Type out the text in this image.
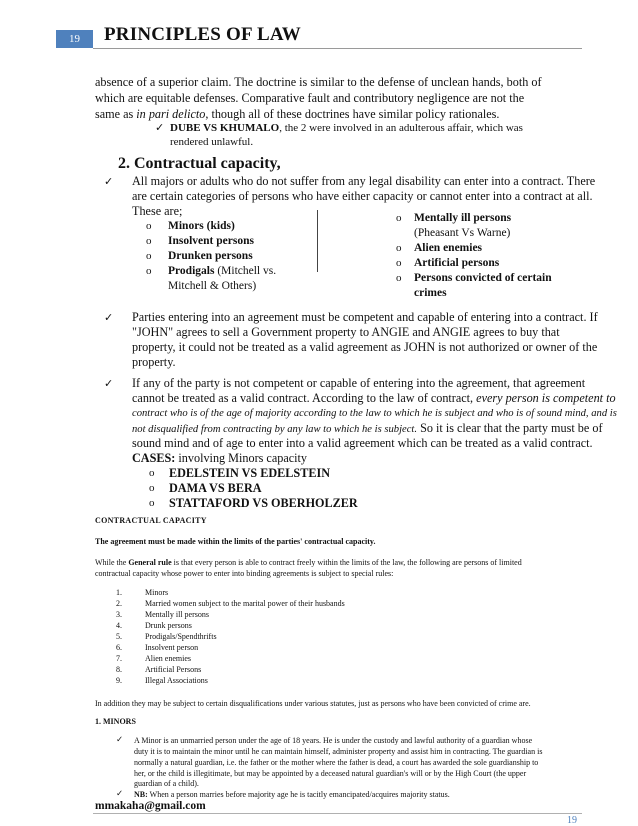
19	PRINCIPLES OF LAW
absence of a superior claim. The doctrine is similar to the defense of unclean hands, both of
which are equitable defenses. Comparative fault and contributory negligence are not the
same as in pari delicto, though all of these doctrines have similar policy rationales.
✓ DUBE VS KHUMALO, the 2 were involved in an adulterous affair, which was
rendered unlawful.
2. Contractual capacity,
✓ All majors or adults who do not suffer from any legal disability can enter into a contract. There
are certain categories of persons who have either capacity or cannot enter into a contract at all.
These are;
o Minors (kids)
o Insolvent persons
o Drunken persons
o Prodigals (Mitchell vs.
Mitchell & Others)
o Mentally ill persons
(Pheasant Vs Warne)
o Alien enemies
o Artificial persons
o Persons convicted of certain
crimes
✓ Parties entering into an agreement must be competent and capable of entering into a contract. If
"JOHN" agrees to sell a Government property to ANGIE and ANGIE agrees to buy that
property, it could not be treated as a valid agreement as JOHN is not authorized or owner of the
property.
✓ If any of the party is not competent or capable of entering into the agreement, that agreement
cannot be treated as a valid contract. According to the law of contract, every person is competent to
contract who is of the age of majority according to the law to which he is subject and who is of sound mind, and is
not disqualified from contracting by any law to which he is subject. So it is clear that the party must be of
sound mind and of age to enter into a valid agreement which can be treated as a valid contract.
CASES: involving Minors capacity
o EDELSTEIN VS EDELSTEIN
o DAMA VS BERA
o STATTAFORD VS OBERHOLZER
CONTRACTUAL CAPACITY
The agreement must be made within the limits of the parties' contractual capacity.
While the General rule is that every person is able to contract freely within the limits of the law, the following are persons of limited
contractual capacity whose power to enter into binding agreements is subject to special rules:
1.	Minors
2.	Married women subject to the marital power of their husbands
3.	Mentally ill persons
4.	Drunk persons
5.	Prodigals/Spendthrifts
6.	Insolvent person
7.	Alien enemies
8.	Artificial Persons
9.	Illegal Associations
In addition they may be subject to certain disqualifications under various statutes, just as persons who have been convicted of crime are.
1. MINORS
✓ A Minor is an unmarried person under the age of 18 years. He is under the custody and lawful authority of a guardian whose
duty it is to maintain the minor until he can maintain himself, administer property and assist him in contracting. The guardian is
normally a natural guardian, i.e. the father or the mother where the father is dead, a court has awarded the sole guardianship to
mmakaha@gmail.com
19
her, or the child is illegitimate, but may be appointed by a deceased natural guardian's will or by the High Court (the upper
guardian of a child).
✓ NB: When a person marries before majority age he is tacitly emancipated/acquires majority status.
